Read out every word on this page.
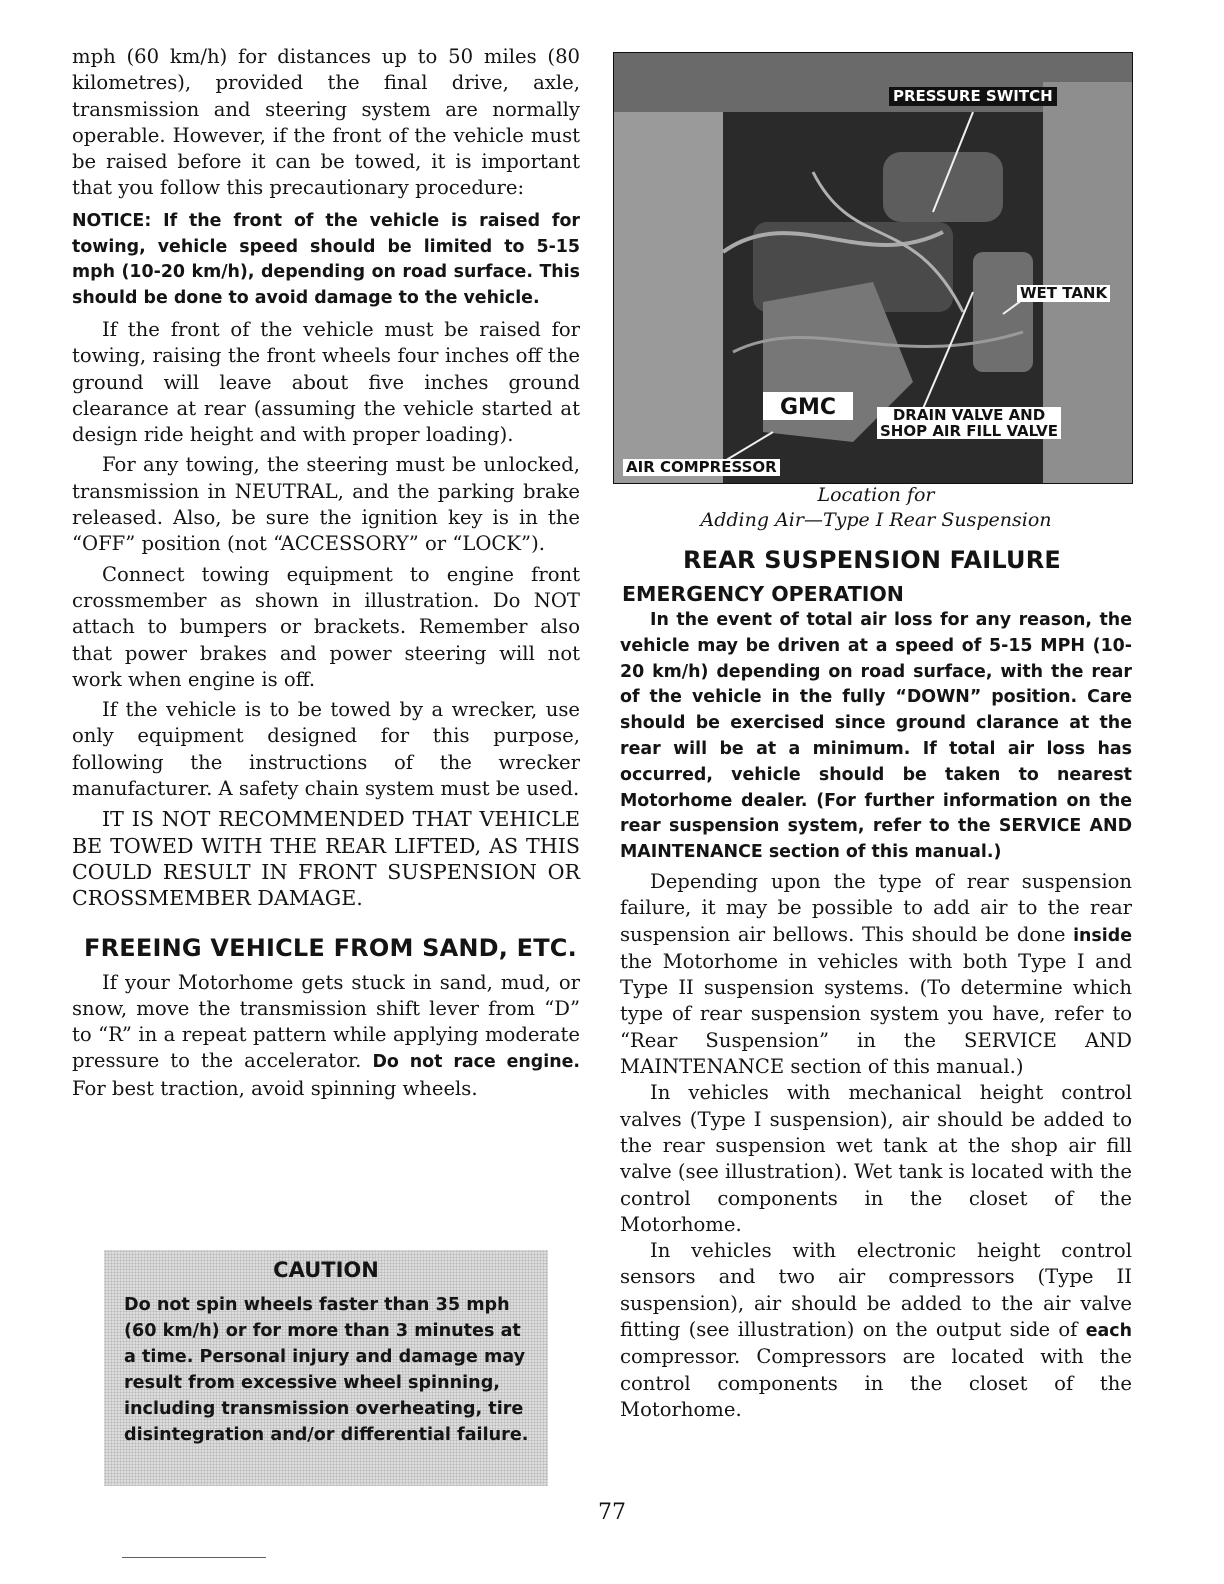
mph (60 km/h) for distances up to 50 miles (80 kilometres), provided the final drive, axle, transmission and steering system are normally operable. However, if the front of the vehicle must be raised before it can be towed, it is important that you follow this precautionary procedure:

NOTICE: If the front of the vehicle is raised for towing, vehicle speed should be limited to 5-15 mph (10-20 km/h), depending on road surface. This should be done to avoid damage to the vehicle.

If the front of the vehicle must be raised for towing, raising the front wheels four inches off the ground will leave about five inches ground clearance at rear (assuming the vehicle started at design ride height and with proper loading).

For any towing, the steering must be unlocked, transmission in NEUTRAL, and the parking brake released. Also, be sure the ignition key is in the “OFF” position (not “ACCESSORY” or “LOCK”).

Connect towing equipment to engine front crossmember as shown in illustration. Do NOT attach to bumpers or brackets. Remember also that power brakes and power steering will not work when engine is off.

If the vehicle is to be towed by a wrecker, use only equipment designed for this purpose, following the instructions of the wrecker manufacturer. A safety chain system must be used.

IT IS NOT RECOMMENDED THAT VEHICLE BE TOWED WITH THE REAR LIFTED, AS THIS COULD RESULT IN FRONT SUSPENSION OR CROSSMEMBER DAMAGE.

FREEING VEHICLE FROM SAND, ETC.

If your Motorhome gets stuck in sand, mud, or snow, move the transmission shift lever from “D” to “R” in a repeat pattern while applying moderate pressure to the accelerator. Do not race engine. For best traction, avoid spinning wheels.

CAUTION
Do not spin wheels faster than 35 mph (60 km/h) or for more than 3 minutes at a time. Personal injury and damage may result from excessive wheel spinning, including transmission overheating, tire disintegration and/or differential failure.
GMC
PRESSURE SWITCH
WET TANK
DRAIN VALVE AND
SHOP AIR FILL VALVE
AIR COMPRESSOR
Location for
Adding Air—Type I Rear Suspension
REAR SUSPENSION FAILURE
EMERGENCY OPERATION

In the event of total air loss for any reason, the vehicle may be driven at a speed of 5-15 MPH (10-20 km/h) depending on road surface, with the rear of the vehicle in the fully “DOWN” position. Care should be exercised since ground clarance at the rear will be at a minimum. If total air loss has occurred, vehicle should be taken to nearest Motorhome dealer. (For further information on the rear suspension system, refer to the SERVICE AND MAINTENANCE section of this manual.)

Depending upon the type of rear suspension failure, it may be possible to add air to the rear suspension air bellows. This should be done inside the Motorhome in vehicles with both Type I and Type II suspension systems. (To determine which type of rear suspension system you have, refer to “Rear Suspension” in the SERVICE AND MAINTENANCE section of this manual.)

In vehicles with mechanical height control valves (Type I suspension), air should be added to the rear suspension wet tank at the shop air fill valve (see illustration). Wet tank is located with the control components in the closet of the Motorhome.

In vehicles with electronic height control sensors and two air compressors (Type II suspension), air should be added to the air valve fitting (see illustration) on the output side of each compressor. Compressors are located with the control components in the closet of the Motorhome.

77
